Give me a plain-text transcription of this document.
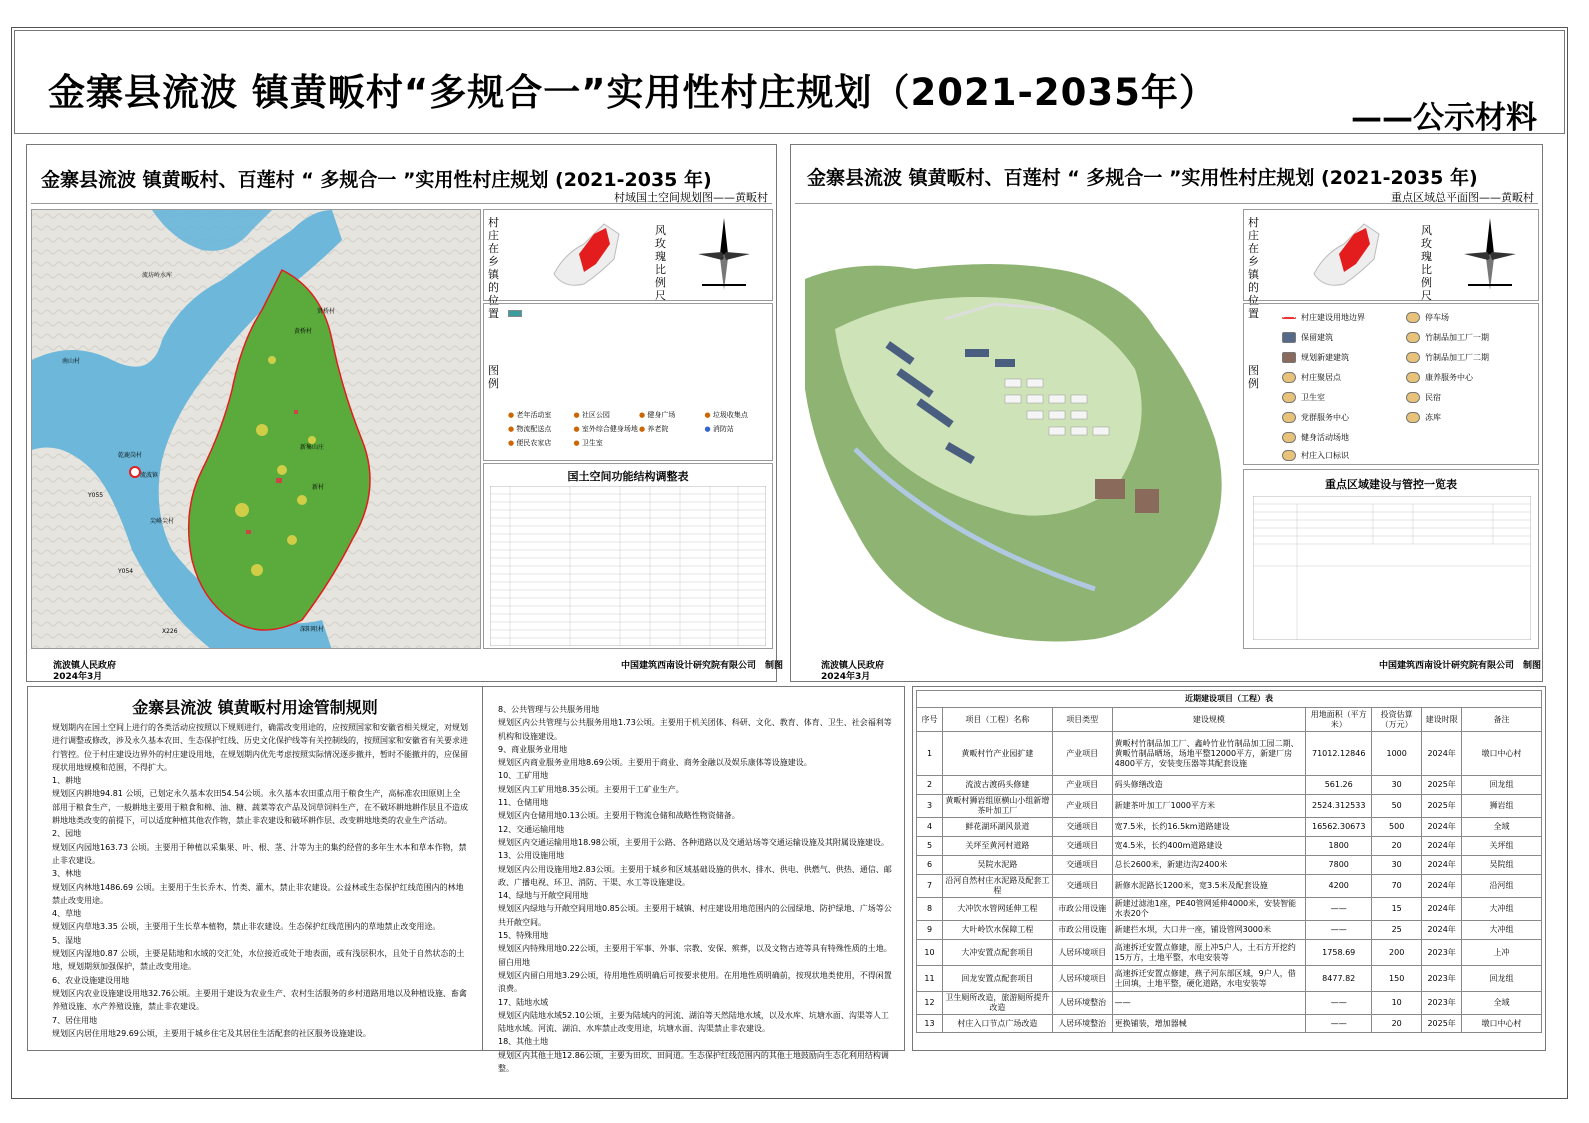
金寨县流波 镇黄畈村“多规合一”实用性村庄规划（2021-2035年）
——公示材料
金寨县流波 镇黄畈村、百莲村 “ 多规合一 ”实用性村庄规划 (2021-2035 年)
村域国土空间规划图——黄畈村
流坊岭水库
贤桥村
南山村
黄桥村
乾鹿岗村
流波镇
新集山庄
尖峰尖村
Y055
Y054
X226
新村
深阳咀村
村庄在乡镇的位置
风玫瑰比例尺
图例
● 老年活动室	● 社区公园	● 健身广场	● 垃圾收集点
● 物流配送点	● 室外综合健身场地 ● 养老院	● 消防站
● 便民农家店	● 卫生室
国土空间功能结构调整表
流波镇人民政府
2024年3月
中国建筑西南设计研究院有限公司　制图
金寨县流波 镇黄畈村、百莲村 “ 多规合一 ”实用性村庄规划 (2021-2035 年)
重点区域总平面图——黄畈村
村庄在乡镇的位置
风玫瑰比例尺
图例
村庄建设用地边界
保留建筑
规划新建建筑
村庄聚居点
卫生室
党群服务中心
健身活动场地
村庄入口标识
停车场
竹制品加工厂一期
竹制品加工厂二期
康养服务中心
民宿
冻库
重点区域建设与管控一览表
流波镇人民政府
2024年3月
中国建筑西南设计研究院有限公司　制图
金寨县流波 镇黄畈村用途管制规则

规划期内在国土空间上进行的各类活动应按照以下规则进行，确需改变用途的，应按照国家和安徽省相关规定，对规划进行调整或修改，涉及永久基本农田、生态保护红线、历史文化保护线等有关控制线的，按照国家和安徽省有关要求进行管控。位于村庄建设边界外的村庄建设用地，在规划期内优先考虑按照实际情况逐步撤并，暂时不能撤并的，应保留现状用地规模和范围，不得扩大。

1、耕地

规划区内耕地94.81 公顷，已划定永久基本农田54.54公顷。永久基本农田重点用于粮食生产，高标准农田原则上全部用于粮食生产，一般耕地主要用于粮食和棉、油、糖、蔬菜等农产品及饲草饲料生产，在不破坏耕地耕作层且不造成耕地地类改变的前提下，可以适度种植其他农作物，禁止非农建设和破坏耕作层、改变耕地地类的农业生产活动。

2、园地

规划区内园地163.73 公顷。主要用于种植以采集果、叶、根、茎、汁等为主的集约经营的多年生木本和草本作物，禁止非农建设。

3、林地

规划区内林地1486.69 公顷。主要用于生长乔木、竹类、灌木，禁止非农建设。公益林或生态保护红线范围内的林地禁止改变用途。

4、草地

规划区内草地3.35 公顷，主要用于生长草本植物，禁止非农建设。生态保护红线范围内的草地禁止改变用途。

5、湿地

规划区内湿地0.87 公顷，主要是陆地和水域的交汇处，水位接近或处于地表面，或有浅层积水，且处于自然状态的土地，规划期须加强保护，禁止改变用途。

6、农业设施建设用地

规划区内农业设施建设用地32.76公顷。主要用于建设为农业生产、农村生活服务的乡村道路用地以及种植设施、畜禽养殖设施、水产养殖设施，禁止非农建设。

7、居住用地

规划区内居住用地29.69公顷，主要用于城乡住宅及其居住生活配套的社区服务设施建设。

8、公共管理与公共服务用地

规划区内公共管理与公共服务用地1.73公顷。主要用于机关团体、科研、文化、教育、体育、卫生、社会福利等机构和设施建设。

9、商业服务业用地

规划区内商业服务业用地8.69公顷。主要用于商业、商务金融以及娱乐康体等设施建设。

10、工矿用地

规划区内工矿用地8.35公顷。主要用于工矿业生产。

11、仓储用地

规划区内仓储用地0.13公顷。主要用于物流仓储和战略性物资储备。

12、交通运输用地

规划区内交通运输用地18.98公顷，主要用于公路、各种道路以及交通站场等交通运输设施及其附属设施建设。

13、公用设施用地

规划区内公用设施用地2.83公顷。主要用于城乡和区域基础设施的供水、排水、供电、供燃气、供热、通信、邮政、广播电视、环卫、消防、干渠、水工等设施建设。

14、绿地与开敞空间用地

规划区内绿地与开敞空间用地0.85公顷。主要用于城镇、村庄建设用地范围内的公园绿地、防护绿地、广场等公共开敞空间。

15、特殊用地

规划区内特殊用地0.22公顷，主要用于军事、外事、宗教、安保、殡葬，以及文物古迹等具有特殊性质的土地。

留白用地

规划区内留白用地3.29公顷，待用地性质明确后可按要求使用。在用地性质明确前，按现状地类使用，不得闲置浪费。

17、陆地水域

规划区内陆地水域52.10公顷，主要为陆域内的河流、湖泊等天然陆地水域，以及水库、坑塘水面、沟渠等人工陆地水域。河流、湖泊、水库禁止改变用途，坑塘水面、沟渠禁止非农建设。

18、其他土地

规划区内其他土地12.86公顷，主要为田坎、田间道。生态保护红线范围内的其他土地鼓励向生态化利用结构调整。

近期建设项目（工程）表							
序号	项目（工程）名称	项目类型	建设规模	用地面积（平方米）	投资估算（万元）	建设时限	备注
1	黄畈村竹产业园扩建	产业项目	黄畈村竹制品加工厂、鑫岭竹业竹制品加工园二期、黄畈竹制品晒场，场地平整12000平方，新建厂房4800平方，安装变压器等其配套设施	71012.12846	1000	2024年	墩口中心村
2	流波古渡码头修建	产业项目	码头修缮改造	561.26	30	2025年	回龙组
3	黄畈村狮岩组原横山小组新增茶叶加工厂	产业项目	新建茶叶加工厂1000平方米	2524.312533	50	2025年	狮岩组
4	鲜花湖环湖风景道	交通项目	宽7.5米，长约16.5km道路建设	16562.30673	500	2024年	全域
5	关坪至黄河村道路	交通项目	宽4.5米，长约400m道路建设	1800	20	2024年	关坪组
6	吴院水泥路	交通项目	总长2600米，新建边沟2400米	7800	30	2024年	吴院组
7	沿河自然村庄水泥路及配套工程	交通项目	新修水泥路长1200米，宽3.5米及配套设施	4200	70	2024年	沿河组
8	大冲饮水管网延伸工程	市政公用设施	新建过滤池1座，PE40管网延伸4000米，安装智能水表20个	——	15	2024年	大冲组
9	大叶岭饮水保障工程	市政公用设施	新建拦水坝，大口井一座，铺设管网3000米	——	25	2024年	大冲组
10	大冲安置点配套项目	人居环境项目	高速拆迁安置点修建，原上冲5户人，土石方开挖约15万方，土地平整，水电安装等	1758.69	200	2023年	上冲
11	回龙安置点配套项目	人居环境项目	高速拆迁安置点修建，燕子河东部区域，9户人，借土回填，土地平整，硬化道路，水电安装等	8477.82	150	2023年	回龙组
12	卫生厕所改造，旅游厕所提升改造	人居环境整治	——	——	10	2023年	全域
13	村庄入口节点广场改造	人居环境整治	更换铺装，增加器械	——	20	2025年	墩口中心村
